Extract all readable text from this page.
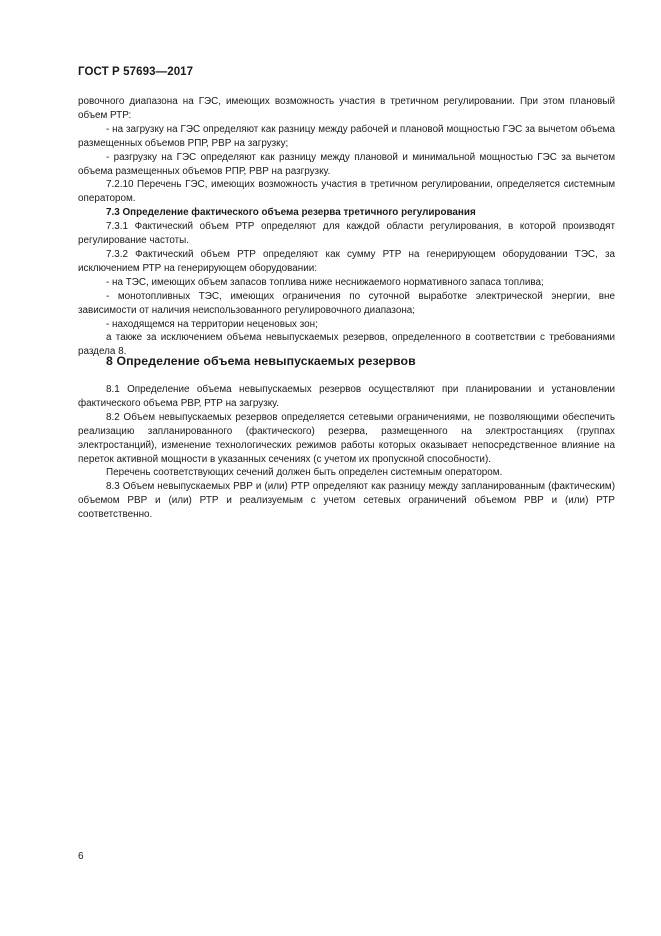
ГОСТ Р 57693—2017

ровочного диапазона на ГЭС, имеющих возможность участия в третичном регулировании. При этом плановый объем РТР:

- на загрузку на ГЭС определяют как разницу между рабочей и плановой мощностью ГЭС за вычетом объема размещенных объемов РПР, РВР на загрузку;

- разгрузку на ГЭС определяют как разницу между плановой и минимальной мощностью ГЭС за вычетом объема размещенных объемов РПР, РВР на разгрузку.

7.2.10 Перечень ГЭС, имеющих возможность участия в третичном регулировании, определяется системным оператором.

7.3 Определение фактического объема резерва третичного регулирования

7.3.1 Фактический объем РТР определяют для каждой области регулирования, в которой производят регулирование частоты.

7.3.2 Фактический объем РТР определяют как сумму РТР на генерирующем оборудовании ТЭС, за исключением РТР на генерирующем оборудовании:

- на ТЭС, имеющих объем запасов топлива ниже неснижаемого нормативного запаса топлива;

- монотопливных ТЭС, имеющих ограничения по суточной выработке электрической энергии, вне зависимости от наличия неиспользованного регулировочного диапазона;

- находящемся на территории неценовых зон;

а также за исключением объема невыпускаемых резервов, определенного в соответствии с требованиями раздела 8.

8 Определение объема невыпускаемых резервов

8.1 Определение объема невыпускаемых резервов осуществляют при планировании и установлении фактического объема РВР, РТР на загрузку.

8.2 Объем невыпускаемых резервов определяется сетевыми ограничениями, не позволяющими обеспечить реализацию запланированного (фактического) резерва, размещенного на электростанциях (группах электростанций), изменение технологических режимов работы которых оказывает непосредственное влияние на переток активной мощности в указанных сечениях (с учетом их пропускной способности).

Перечень соответствующих сечений должен быть определен системным оператором.

8.3 Объем невыпускаемых РВР и (или) РТР определяют как разницу между запланированным (фактическим) объемом РВР и (или) РТР и реализуемым с учетом сетевых ограничений объемом РВР и (или) РТР соответственно.

6
